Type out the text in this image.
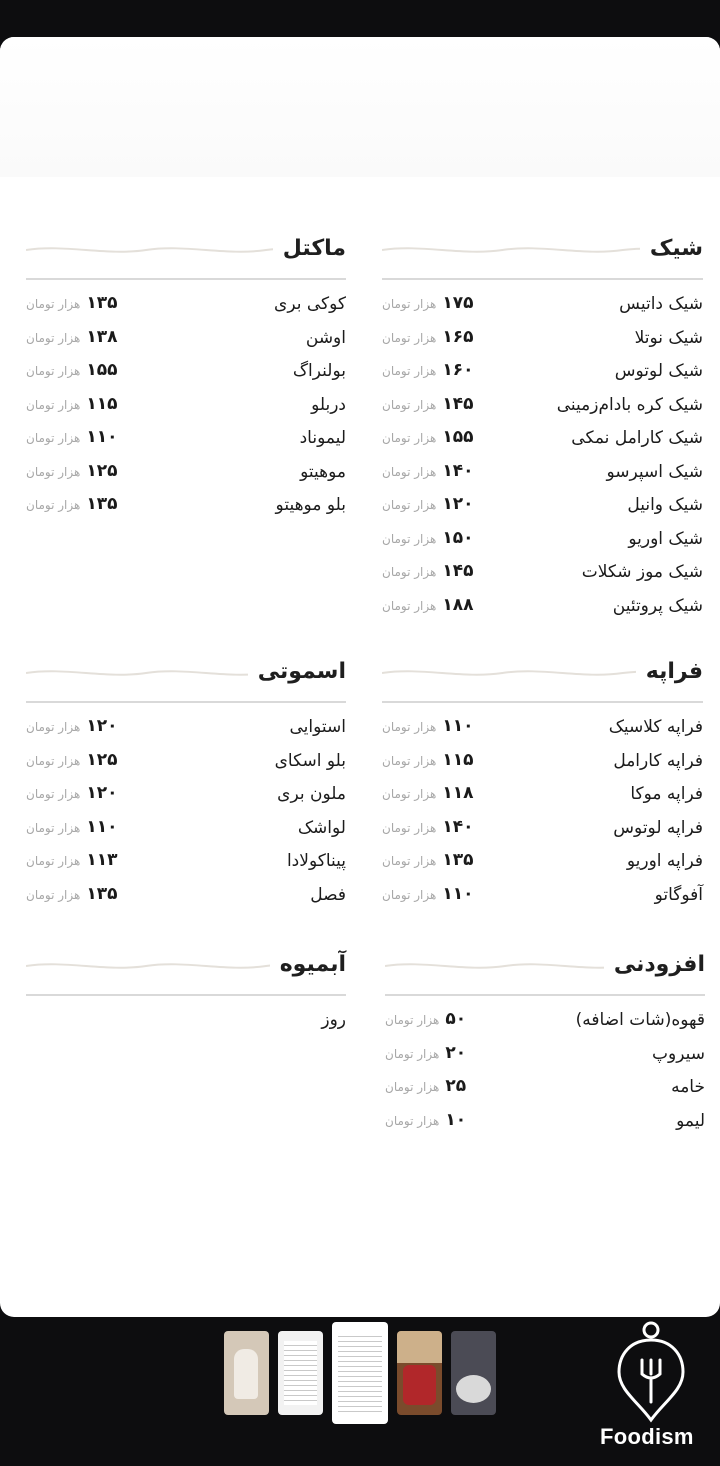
شیک
شیک داتیس
۱۷۵هزار تومان
شیک نوتلا
۱۶۵هزار تومان
شیک لوتوس
۱۶۰هزار تومان
شیک کره بادام‌زمینی
۱۴۵هزار تومان
شیک کارامل نمکی
۱۵۵هزار تومان
شیک اسپرسو
۱۴۰هزار تومان
شیک وانیل
۱۲۰هزار تومان
شیک اوریو
۱۵۰هزار تومان
شیک موز شکلات
۱۴۵هزار تومان
شیک پروتئین
۱۸۸هزار تومان
ماکتل
کوکی بری
۱۳۵هزار تومان
اوشن
۱۳۸هزار تومان
بولنراگ
۱۵۵هزار تومان
دربلو
۱۱۵هزار تومان
لیموناد
۱۱۰هزار تومان
موهیتو
۱۲۵هزار تومان
بلو موهیتو
۱۳۵هزار تومان
فراپه
فراپه کلاسیک
۱۱۰هزار تومان
فراپه کارامل
۱۱۵هزار تومان
فراپه موکا
۱۱۸هزار تومان
فراپه لوتوس
۱۴۰هزار تومان
فراپه اوریو
۱۳۵هزار تومان
آفوگاتو
۱۱۰هزار تومان
اسموتی
استوایی
۱۲۰هزار تومان
بلو اسکای
۱۲۵هزار تومان
ملون بری
۱۲۰هزار تومان
لواشک
۱۱۰هزار تومان
پیناکولادا
۱۱۳هزار تومان
فصل
۱۳۵هزار تومان
افزودنی
قهوه(شات اضافه)
۵۰هزار تومان
سیروپ
۲۰هزار تومان
خامه
۲۵هزار تومان
لیمو
۱۰هزار تومان
آبمیوه
روز
Foodism
